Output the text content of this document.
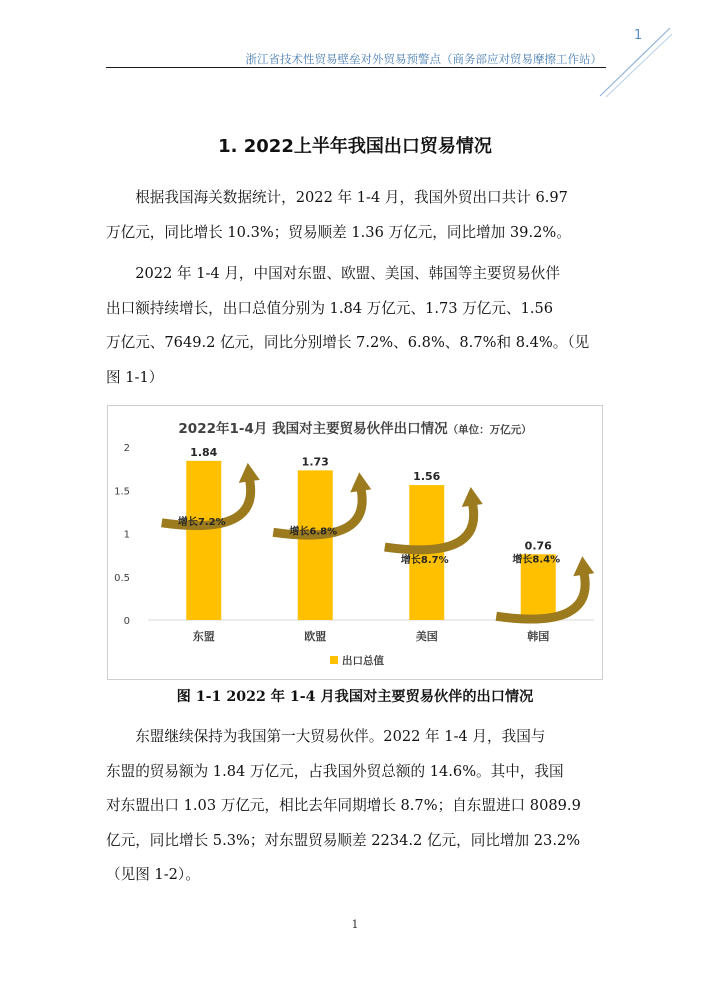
浙江省技术性贸易壁垒对外贸易预警点（商务部应对贸易摩擦工作站）
1
1. 2022上半年我国出口贸易情况
根据我国海关数据统计，2022 年 1-4 月，我国外贸出口共计 6.97
万亿元，同比增长 10.3%；贸易顺差 1.36 万亿元，同比增加 39.2%。
2022 年 1-4 月，中国对东盟、欧盟、美国、韩国等主要贸易伙伴
出口额持续增长，出口总值分别为 1.84 万亿元、1.73 万亿元、1.56
万亿元、7649.2 亿元，同比分别增长 7.2%、6.8%、8.7%和 8.4%。（见
图 1-1）
2022年1-4月 我国对主要贸易伙伴出口情况（单位：万亿元）
0
0.5
1
1.5
2	1.84
东盟
增长7.2%
1.73
欧盟
增长6.8%
1.56
美国
增长8.7%
0.76
韩国
增长8.4%
出口总值
图 1-1 2022 年 1-4 月我国对主要贸易伙伴的出口情况
东盟继续保持为我国第一大贸易伙伴。2022 年 1-4 月，我国与
东盟的贸易额为 1.84 万亿元，占我国外贸总额的 14.6%。其中，我国
对东盟出口 1.03 万亿元，相比去年同期增长 8.7%；自东盟进口 8089.9
亿元，同比增长 5.3%；对东盟贸易顺差 2234.2 亿元，同比增加 23.2%
（见图 1-2）。
1
